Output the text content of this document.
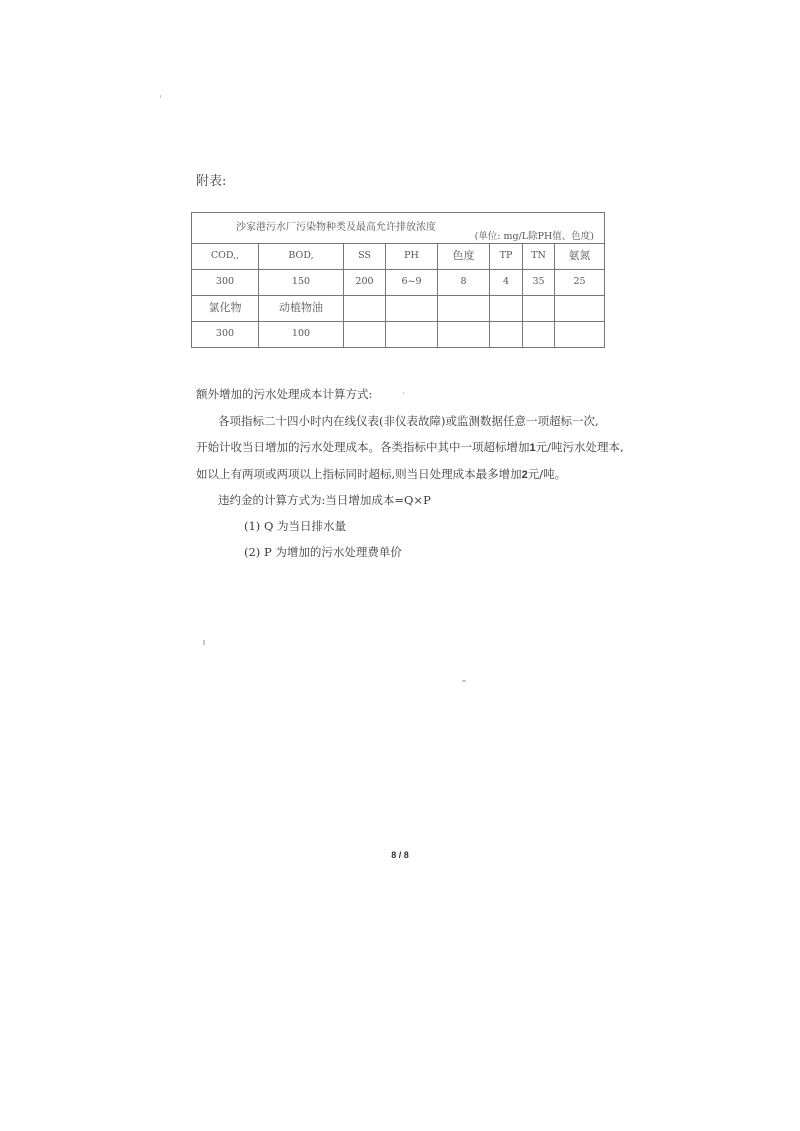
附表:
沙家港污水厂污染物种类及最高允许排放浓度
(单位: mg/L除PH值、色度)							

COD,,	BOD,	SS	PH	色度	TP	TN	氨氮
300	150	200	6~9	8	4	35	25
氯化物	动植物油						
300	100						
额外增加的污水处理成本计算方式:
各项指标二十四小时内在线仪表(非仪表故障)或监测数据任意一项超标一次,
开始计收当日增加的污水处理成本。各类指标中其中一项超标增加1元/吨污水处理本,
如以上有两项或两项以上指标同时超标,则当日处理成本最多增加2元/吨。
违约金的计算方式为:当日增加成本=Q×P
(1) Q 为当日排水量
(2) P 为增加的污水处理费单价
8 / 8
